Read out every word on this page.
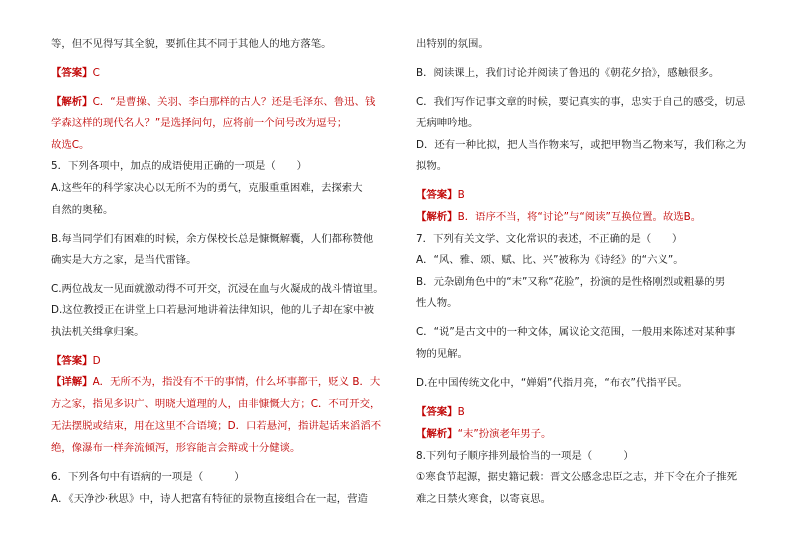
等，但不见得写其全貌，要抓住其不同于其他人的地方落笔。
【答案】C
【解析】C．“是曹操、关羽、李白那样的古人？还是毛泽东、鲁迅、钱
学森这样的现代名人？”是选择问句，应将前一个问号改为逗号；
故选C。
5．下列各项中，加点的成语使用正确的一项是（　　）
A.这些年的科学家决心以无所不为的勇气，克服重重困难，去探索大
自然的奥秘。
B.每当同学们有困难的时候，余方保校长总是慷慨解囊，人们都称赞他
确实是大方之家，是当代雷锋。
C.两位战友一见面就激动得不可开交，沉浸在血与火凝成的战斗情谊里。
D.这位教授正在讲堂上口若悬河地讲着法律知识，他的儿子却在家中被
执法机关缉拿归案。
【答案】D
【详解】A．无所不为，指没有不干的事情，什么坏事都干，贬义 B．大
方之家，指见多识广、明晓大道理的人，由非慷慨大方；C．不可开交，
无法摆脱或结束，用在这里不合语境；D．口若悬河，指讲起话来滔滔不
绝，像瀑布一样奔流倾泻，形容能言会辩或十分健谈。
6．下列各句中有语病的一项是（　　　）
A．《天净沙·秋思》中，诗人把富有特征的景物直接组合在一起，营造
出特别的氛围。
B．阅读课上，我们讨论并阅读了鲁迅的《朝花夕拾》，感触很多。
C．我们写作记事文章的时候，要记真实的事，忠实于自己的感受，切忌
无病呻吟地。
D．还有一种比拟，把人当作物来写，或把甲物当乙物来写，我们称之为
拟物。
【答案】B
【解析】B．语序不当，将“讨论”与“阅读”互换位置。故选B。
7．下列有关文学、文化常识的表述，不正确的是（　　）
A．“风、雅、颂、赋、比、兴”被称为《诗经》的“六义”。
B．元杂剧角色中的“末”又称“花脸”，扮演的是性格刚烈或粗暴的男
性人物。
C．“说”是古文中的一种文体，属议论文范围，一般用来陈述对某种事
物的见解。
D.在中国传统文化中，“婵娟”代指月亮，“布衣”代指平民。
【答案】B
【解析】“末”扮演老年男子。
8.下列句子顺序排列最恰当的一项是（　　　）
①寒食节起源，据史籍记载：晋文公感念忠臣之志，并下令在介子推死
难之日禁火寒食，以寄哀思。
